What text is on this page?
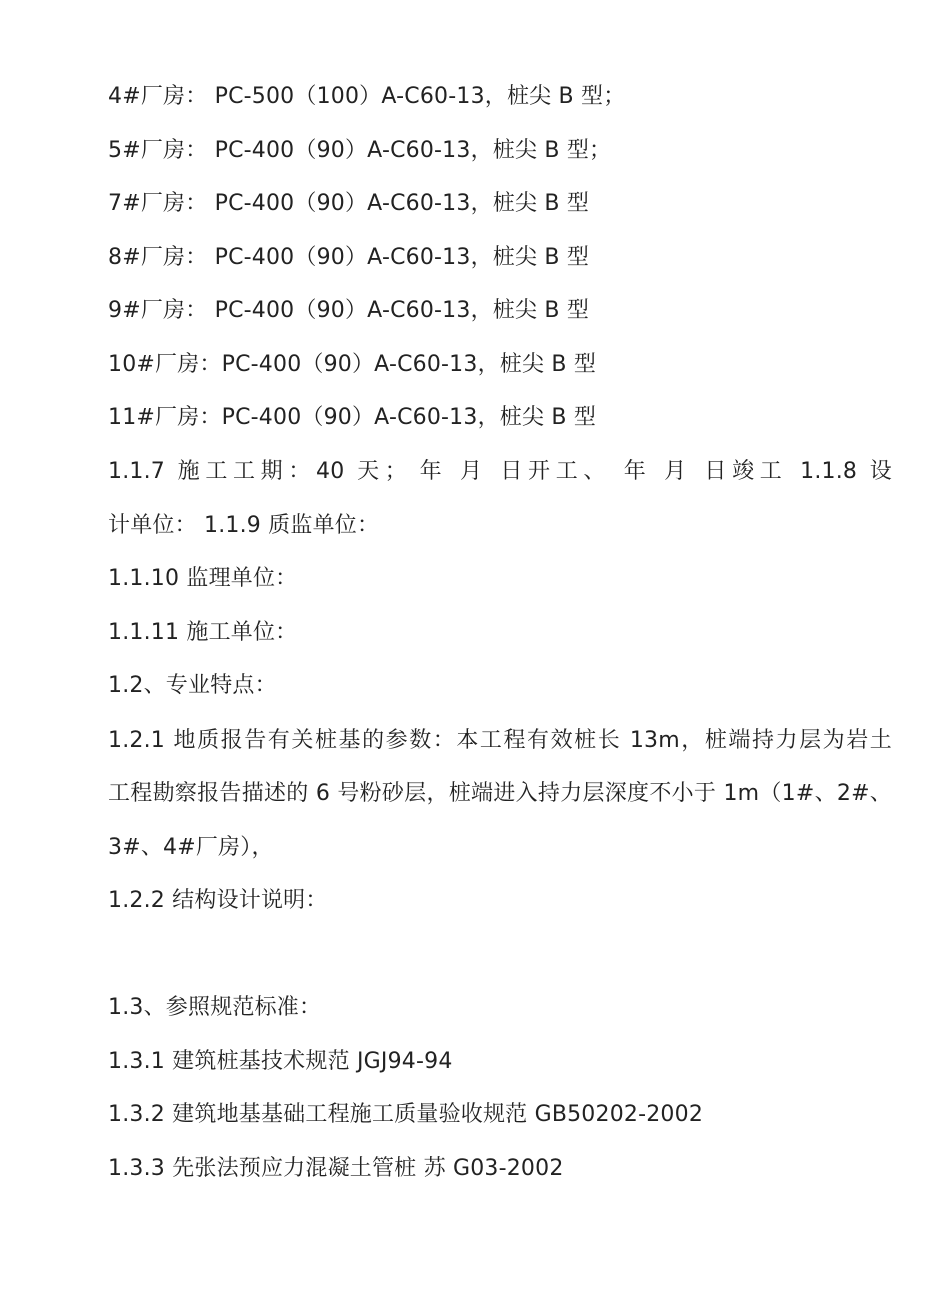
4#厂房： PC-500（100）A-C60-13，桩尖 B 型；
5#厂房： PC-400（90）A-C60-13，桩尖 B 型；
7#厂房： PC-400（90）A-C60-13，桩尖 B 型
8#厂房： PC-400（90）A-C60-13，桩尖 B 型
9#厂房： PC-400（90）A-C60-13，桩尖 B 型
10#厂房：PC-400（90）A-C60-13，桩尖 B 型
11#厂房：PC-400（90）A-C60-13，桩尖 B 型
1.1.7 施工工期：40 天； 年 月 日开工、 年 月 日竣工 1.1.8 设
计单位： 1.1.9 质监单位：
1.1.10 监理单位：
1.1.11 施工单位：
1.2、专业特点：
1.2.1 地质报告有关桩基的参数：本工程有效桩长 13m，桩端持力层为岩土
工程勘察报告描述的 6 号粉砂层，桩端进入持力层深度不小于 1m（1#、2#、
3#、4#厂房），
1.2.2 结构设计说明：
1.3、参照规范标准：
1.3.1 建筑桩基技术规范 JGJ94-94
1.3.2 建筑地基基础工程施工质量验收规范 GB50202-2002
1.3.3 先张法预应力混凝土管桩 苏 G03-2002
